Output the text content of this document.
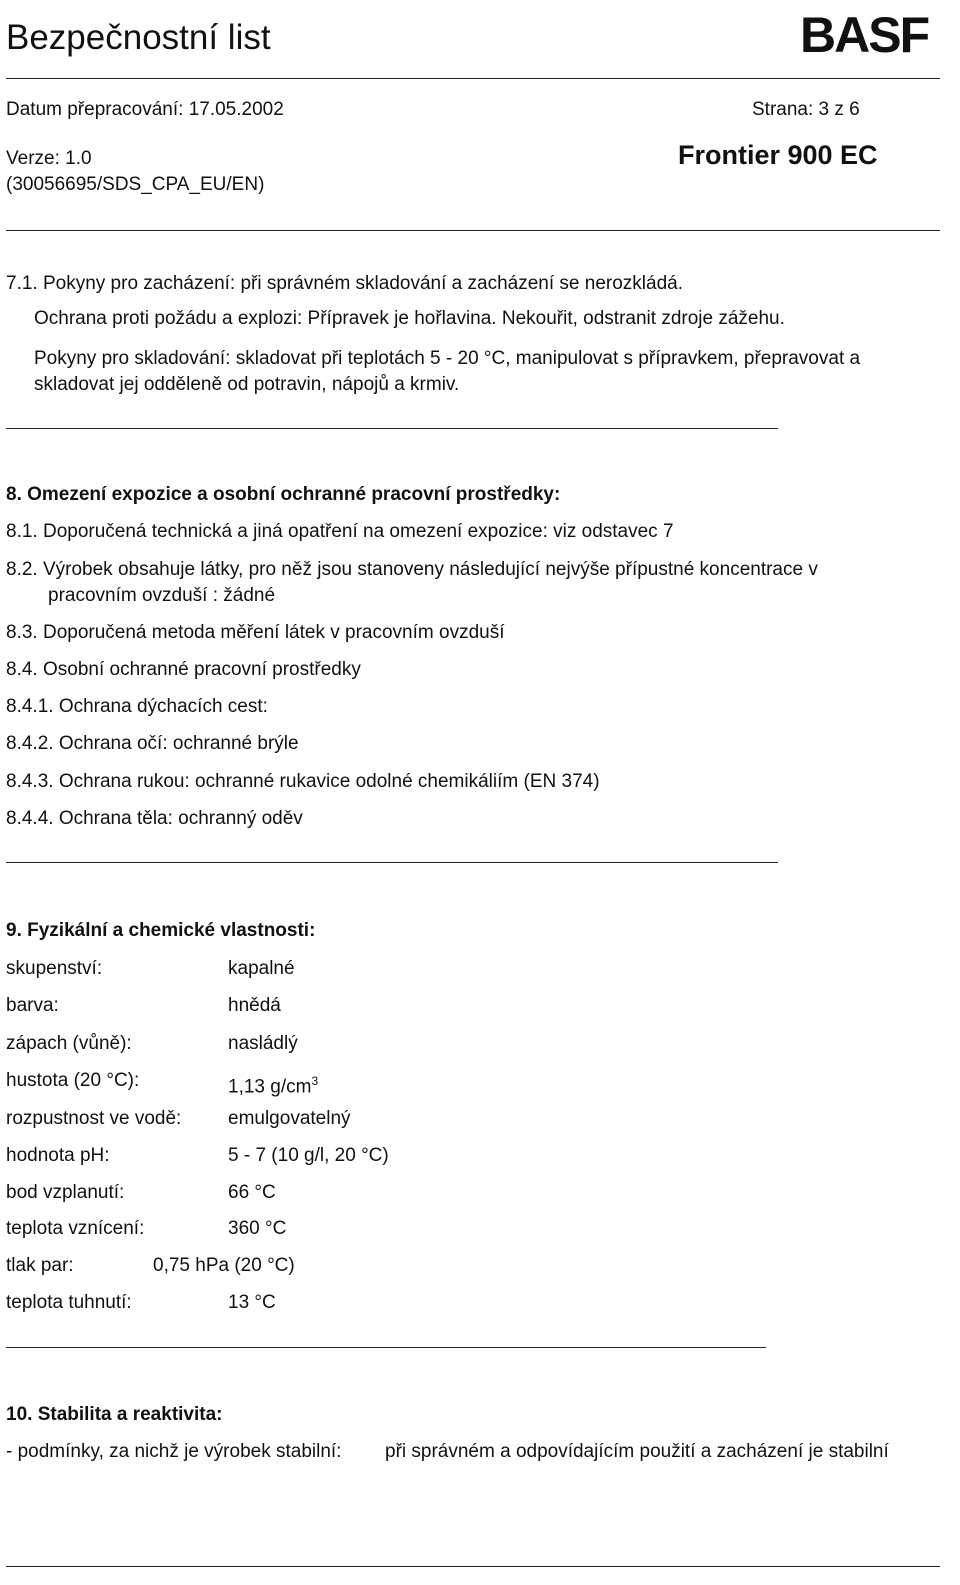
Bezpečnostní list	BASF
Datum přepracování: 17.05.2002	Strana: 3 z 6
Verze: 1.0	Frontier 900 EC
(30056695/SDS_CPA_EU/EN)
7.1. Pokyny pro zacházení: při správném skladování a zacházení se nerozkládá.
Ochrana proti požádu a explozi: Přípravek je hořlavina. Nekouřit, odstranit zdroje zážehu.
Pokyny pro skladování: skladovat při teplotách 5 - 20 °C, manipulovat s přípravkem, přepravovat a
skladovat jej odděleně od potravin, nápojů a krmiv.
8. Omezení expozice a osobní ochranné pracovní prostředky:
8.1. Doporučená technická a jiná opatření na omezení expozice: viz odstavec 7
8.2. Výrobek obsahuje látky, pro něž jsou stanoveny následující nejvýše přípustné koncentrace v
pracovním ovzduší : žádné
8.3. Doporučená metoda měření látek v pracovním ovzduší
8.4. Osobní ochranné pracovní prostředky
8.4.1. Ochrana dýchacích cest:
8.4.2. Ochrana očí: ochranné brýle
8.4.3. Ochrana rukou: ochranné rukavice odolné chemikáliím (EN 374)
8.4.4. Ochrana těla: ochranný oděv
9. Fyzikální a chemické vlastnosti:
skupenství:	kapalné
barva:	hnědá
zápach (vůně):	nasládlý
hustota (20 °C):	1,13 $g/cm^3$
rozpustnost ve vodě: emulgovatelný
hodnota pH:	5 - 7 (10 g/l, 20 °C)
bod vzplanutí:	66 °C
teplota vznícení:	360 °C
tlak par:	0,75 hPa (20 °C)
teplota tuhnutí:	13 °C
10. Stabilita a reaktivita:
- podmínky, za nichž je výrobek stabilní: při správném a odpovídajícím použití a zacházení je stabilní
